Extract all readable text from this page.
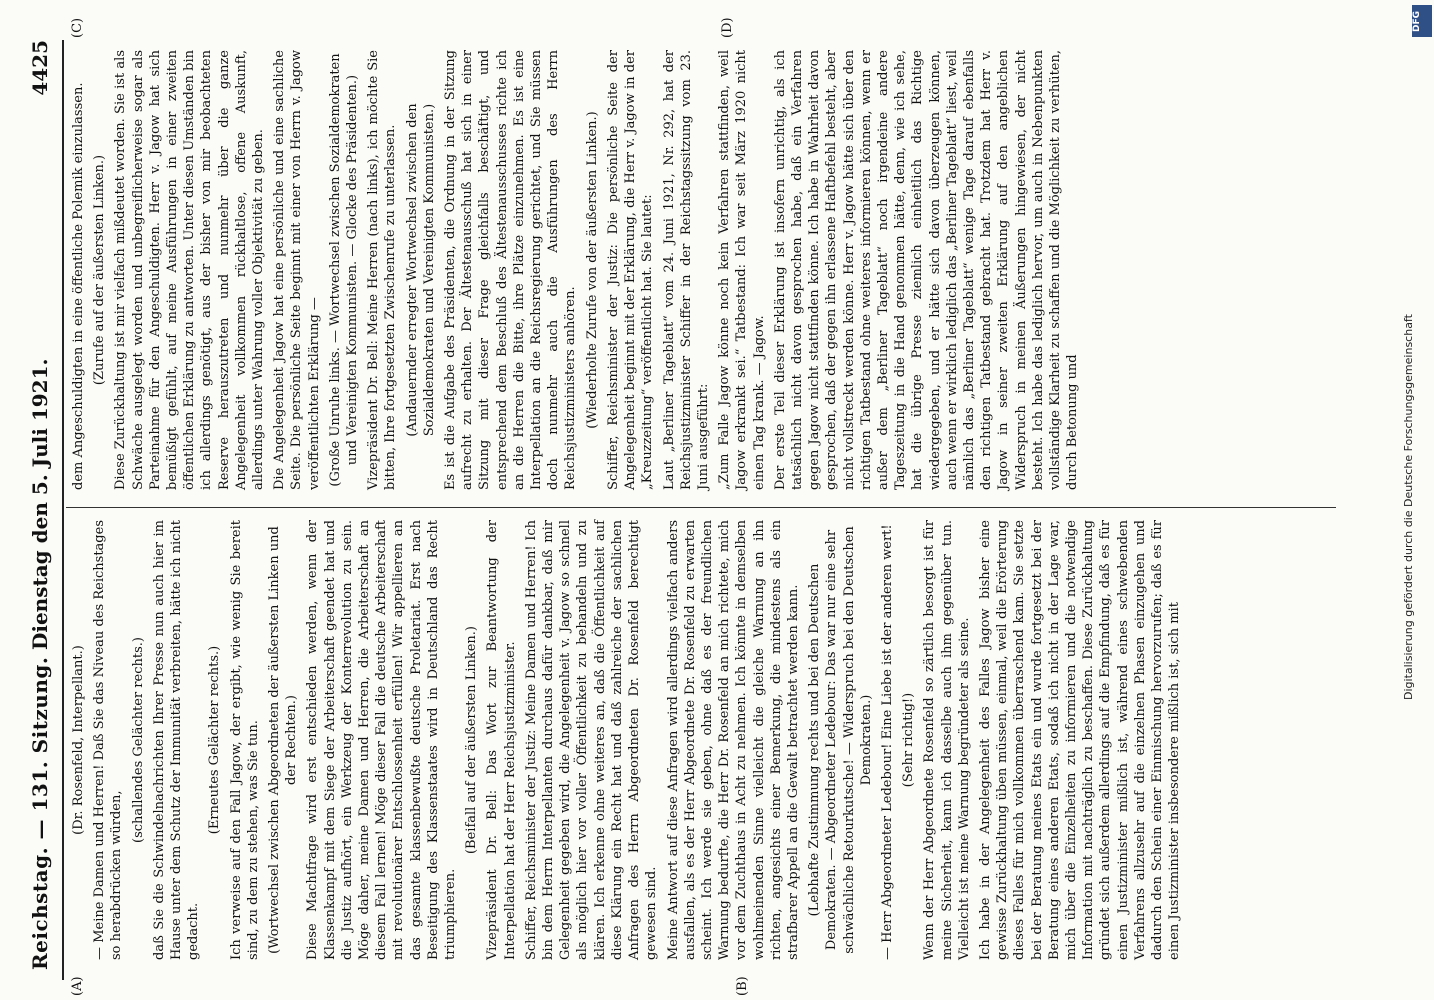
Reichstag. — 131. Sitzung.
Dienstag den 5. Juli 1921.
4425
(A)	(B)
(C)	(D)

(Dr. Rosenfeld, Interpellant.) — Meine Damen und Herren! Daß Sie das Niveau des Reichstages so herabdrücken würden,

(schallendes Gelächter rechts.) daß Sie die Schwindelnachrichten Ihrer Presse nun auch hier im Hause unter dem Schutz der Immunität verbreiten, hätte ich nicht gedacht.

(Erneutes Gelächter rechts.) Ich verweise auf den Fall Jagow, der ergibt, wie wenig Sie bereit sind, zu dem zu stehen, was Sie tun. (Wortwechsel zwischen Abgeordneten der äußersten Linken und der Rechten.) Diese Machtfrage wird erst entschieden werden, wenn der Klassenkampf mit dem Siege der Arbeiterschaft geendet hat und die Justiz aufhört, ein Werkzeug der Konterrevolution zu sein. Möge daher, meine Damen und Herren, die Arbeiterschaft an diesem Fall lernen! Möge dieser Fall die deutsche Arbeiterschaft mit revolutionärer Entschlossenheit erfüllen! Wir appellieren an das gesamte klassenbewußte deutsche Proletariat. Erst nach Beseitigung des Klassenstaates wird in Deutschland das Recht triumphieren.

(Beifall auf der äußersten Linken.) Vizepräsident Dr. Bell: Das Wort zur Beantwortung der Interpellation hat der Herr Reichsjustizminister. Schiffer, Reichsminister der Justiz: Meine Damen und Herren! Ich bin dem Herrn Interpellanten durchaus dafür dankbar, daß mir Gelegenheit gegeben wird, die Angelegenheit v. Jagow so schnell als möglich hier vor voller Öffentlichkeit zu behandeln und zu klären. Ich erkenne ohne weiteres an, daß die Öffentlichkeit auf diese Klärung ein Recht hat und daß zahlreiche der sachlichen Anfragen des Herrn Abgeordneten Dr. Rosenfeld berechtigt gewesen sind. Meine Antwort auf diese Anfragen wird allerdings vielfach anders ausfallen, als es der Herr Abgeordnete Dr. Rosenfeld zu erwarten scheint. Ich werde sie geben, ohne daß es der freundlichen Warnung bedurfte, die Herr Dr. Rosenfeld an mich richtete, mich vor dem Zuchthaus in Acht zu nehmen. Ich könnte in demselben wohlmeinenden Sinne vielleicht die gleiche Warnung an ihn richten, angesichts einer Bemerkung, die mindestens als ein strafbarer Appell an die Gewalt betrachtet werden kann. (Lebhafte Zustimmung rechts und bei den Deutschen Demokraten. — Abgeordneter Ledebour: Das war nur eine sehr schwächliche Retourkutsche! — Widerspruch bei den Deutschen Demokraten.) — Herr Abgeordneter Ledebour! Eine Liebe ist der anderen wert! (Sehr richtig!) Wenn der Herr Abgeordnete Rosenfeld so zärtlich besorgt ist für meine Sicherheit, kann ich dasselbe auch ihm gegenüber tun. Vielleicht ist meine Warnung begründeter als seine. Ich habe in der Angelegenheit des Falles Jagow bisher eine gewisse Zurückhaltung üben müssen, einmal, weil die Erörterung dieses Falles für mich vollkommen überraschend kam. Sie setzte bei der Beratung meines Etats ein und wurde fortgesetzt bei der Beratung eines anderen Etats, sodaß ich nicht in der Lage war, mich über die Einzelheiten zu informieren und die notwendige Information mit nachträglich zu beschaffen. Diese Zurückhaltung gründet sich außerdem allerdings auf die Empfindung, daß es für einen Justizminister mißlich ist, während eines schwebenden Verfahrens allzusehr auf die einzelnen Phasen einzugehen und dadurch den Schein einer Einmischung hervorzurufen; daß es für einen Justizminister insbesondere mißlich ist, sich mit

dem Angeschuldigten in eine öffentliche Polemik einzulassen. (Zurufe auf der äußersten Linken.) Diese Zurückhaltung ist mir vielfach mißdeutet worden. Sie ist als Schwäche ausgelegt worden und unbegreiflicherweise sogar als Parteinahme für den Angeschuldigten. Herr v. Jagow hat sich bemüßigt gefühlt, auf meine Ausführungen in einer zweiten öffentlichen Erklärung zu antworten. Unter diesen Umständen bin ich allerdings genötigt, aus der bisher von mir beobachteten Reserve herauszutreten und nunmehr über die ganze Angelegenheit vollkommen rückhaltlose, offene Auskunft, allerdings unter Wahrung voller Objektivität zu geben. Die Angelegenheit Jagow hat eine persönliche und eine sachliche Seite. Die persönliche Seite beginnt mit einer von Herrn v. Jagow veröffentlichten Erklärung — (Große Unruhe links. — Wortwechsel zwischen Sozialdemokraten und Vereinigten Kommunisten. — Glocke des Präsidenten.) Vizepräsident Dr. Bell: Meine Herren (nach links), ich möchte Sie bitten, Ihre fortgesetzten Zwischenrufe zu unterlassen. (Andauernder erregter Wortwechsel zwischen den Sozialdemokraten und Vereinigten Kommunisten.) Es ist die Aufgabe des Präsidenten, die Ordnung in der Sitzung aufrecht zu erhalten. Der Ältestenausschuß hat sich in einer Sitzung mit dieser Frage gleichfalls beschäftigt, und entsprechend dem Beschluß des Ältestenausschusses richte ich an die Herren die Bitte, ihre Plätze einzunehmen. Es ist eine Interpellation an die Reichsregierung gerichtet, und Sie müssen doch nunmehr auch die Ausführungen des Herrn Reichsjustizministers anhören. (Wiederholte Zurufe von der äußersten Linken.) Schiffer, Reichsminister der Justiz: Die persönliche Seite der Angelegenheit beginnt mit der Erklärung, die Herr v. Jagow in der „Kreuzzeitung“ veröffentlicht hat. Sie lautet: Laut „Berliner Tageblatt“ vom 24. Juni 1921, Nr. 292, hat der Reichsjustizminister Schiffer in der Reichstagssitzung vom 23. Juni ausgeführt: „Zum Falle Jagow könne noch kein Verfahren stattfinden, weil Jagow erkrankt sei.“ Tatbestand: Ich war seit März 1920 nicht einen Tag krank. — Jagow. Der erste Teil dieser Erklärung ist insofern unrichtig, als ich tatsächlich nicht davon gesprochen habe, daß ein Verfahren gegen Jagow nicht stattfinden könne. Ich habe in Wahrheit davon gesprochen, daß der gegen ihn erlassene Haftbefehl besteht, aber nicht vollstreckt werden könne. Herr v. Jagow hätte sich über den richtigen Tatbestand ohne weiteres informieren können, wenn er außer dem „Berliner Tageblatt“ noch irgendeine andere Tageszeitung in die Hand genommen hätte, denn, wie ich sehe, hat die übrige Presse ziemlich einheitlich das Richtige wiedergegeben, und er hätte sich davon überzeugen können, auch wenn er wirklich lediglich das „Berliner Tageblatt“ liest, weil nämlich das „Berliner Tageblatt“ wenige Tage darauf ebenfalls den richtigen Tatbestand gebracht hat. Trotzdem hat Herr v. Jagow in seiner zweiten Erklärung auf den angeblichen Widerspruch in meinen Äußerungen hingewiesen, der nicht besteht. Ich habe das lediglich hervor, um auch in Nebenpunkten vollständige Klarheit zu schaffen und die Möglichkeit zu verhüten, durch Betonung und

DFG
Digitalisierung gefördert durch die Deutsche Forschungsgemeinschaft
